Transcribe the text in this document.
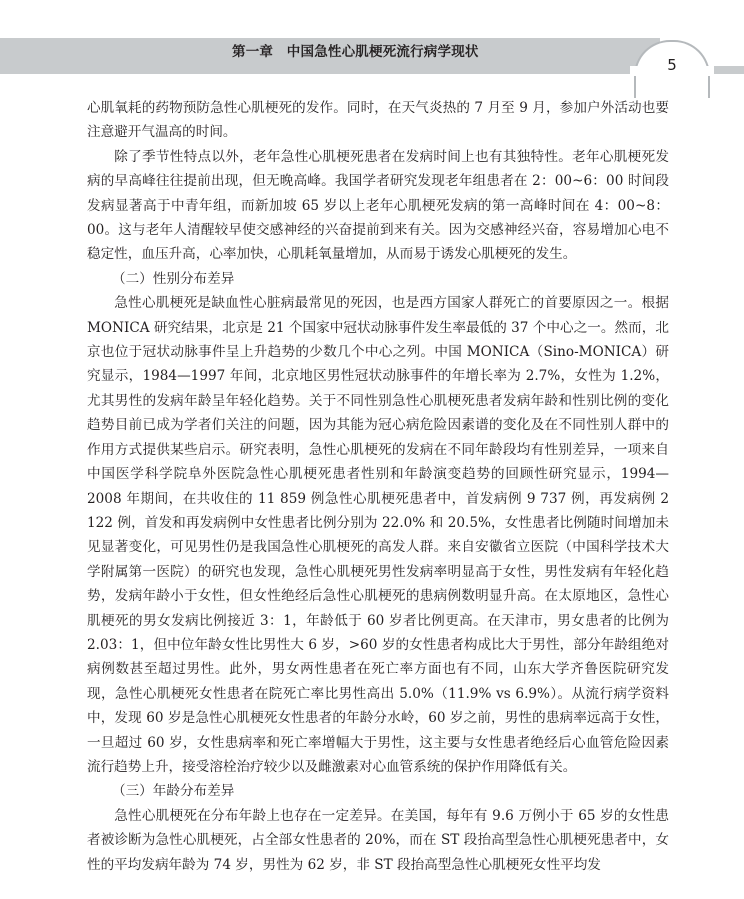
第一章　中国急性心肌梗死流行病学现状
5

心肌氧耗的药物预防急性心肌梗死的发作。同时，在天气炎热的 7 月至 9 月，参加户外活动也要注意避开气温高的时间。

除了季节性特点以外，老年急性心肌梗死患者在发病时间上也有其独特性。老年心肌梗死发病的早高峰往往提前出现，但无晚高峰。我国学者研究发现老年组患者在 2：00~6：00 时间段发病显著高于中青年组，而新加坡 65 岁以上老年心肌梗死发病的第一高峰时间在 4：00~8：00。这与老年人清醒较早使交感神经的兴奋提前到来有关。因为交感神经兴奋，容易增加心电不稳定性，血压升高，心率加快，心肌耗氧量增加，从而易于诱发心肌梗死的发生。

（二）性别分布差异

急性心肌梗死是缺血性心脏病最常见的死因，也是西方国家人群死亡的首要原因之一。根据 MONICA 研究结果，北京是 21 个国家中冠状动脉事件发生率最低的 37 个中心之一。然而，北京也位于冠状动脉事件呈上升趋势的少数几个中心之列。中国 MONICA（Sino-MONICA）研究显示，1984—1997 年间，北京地区男性冠状动脉事件的年增长率为 2.7%，女性为 1.2%，尤其男性的发病年龄呈年轻化趋势。关于不同性别急性心肌梗死患者发病年龄和性别比例的变化趋势目前已成为学者们关注的问题，因为其能为冠心病危险因素谱的变化及在不同性别人群中的作用方式提供某些启示。研究表明，急性心肌梗死的发病在不同年龄段均有性别差异，一项来自中国医学科学院阜外医院急性心肌梗死患者性别和年龄演变趋势的回顾性研究显示，1994—2008 年期间，在共收住的 11 859 例急性心肌梗死患者中，首发病例 9 737 例，再发病例 2 122 例，首发和再发病例中女性患者比例分别为 22.0% 和 20.5%，女性患者比例随时间增加未见显著变化，可见男性仍是我国急性心肌梗死的高发人群。来自安徽省立医院（中国科学技术大学附属第一医院）的研究也发现，急性心肌梗死男性发病率明显高于女性，男性发病有年轻化趋势，发病年龄小于女性，但女性绝经后急性心肌梗死的患病例数明显升高。在太原地区，急性心肌梗死的男女发病比例接近 3：1，年龄低于 60 岁者比例更高。在天津市，男女患者的比例为 2.03：1，但中位年龄女性比男性大 6 岁，>60 岁的女性患者构成比大于男性，部分年龄组绝对病例数甚至超过男性。此外，男女两性患者在死亡率方面也有不同，山东大学齐鲁医院研究发现，急性心肌梗死女性患者在院死亡率比男性高出 5.0%（11.9% vs 6.9%）。从流行病学资料中，发现 60 岁是急性心肌梗死女性患者的年龄分水岭，60 岁之前，男性的患病率远高于女性，一旦超过 60 岁，女性患病率和死亡率增幅大于男性，这主要与女性患者绝经后心血管危险因素流行趋势上升，接受溶栓治疗较少以及雌激素对心血管系统的保护作用降低有关。

（三）年龄分布差异

急性心肌梗死在分布年龄上也存在一定差异。在美国，每年有 9.6 万例小于 65 岁的女性患者被诊断为急性心肌梗死，占全部女性患者的 20%，而在 ST 段抬高型急性心肌梗死患者中，女性的平均发病年龄为 74 岁，男性为 62 岁，非 ST 段抬高型急性心肌梗死女性平均发
